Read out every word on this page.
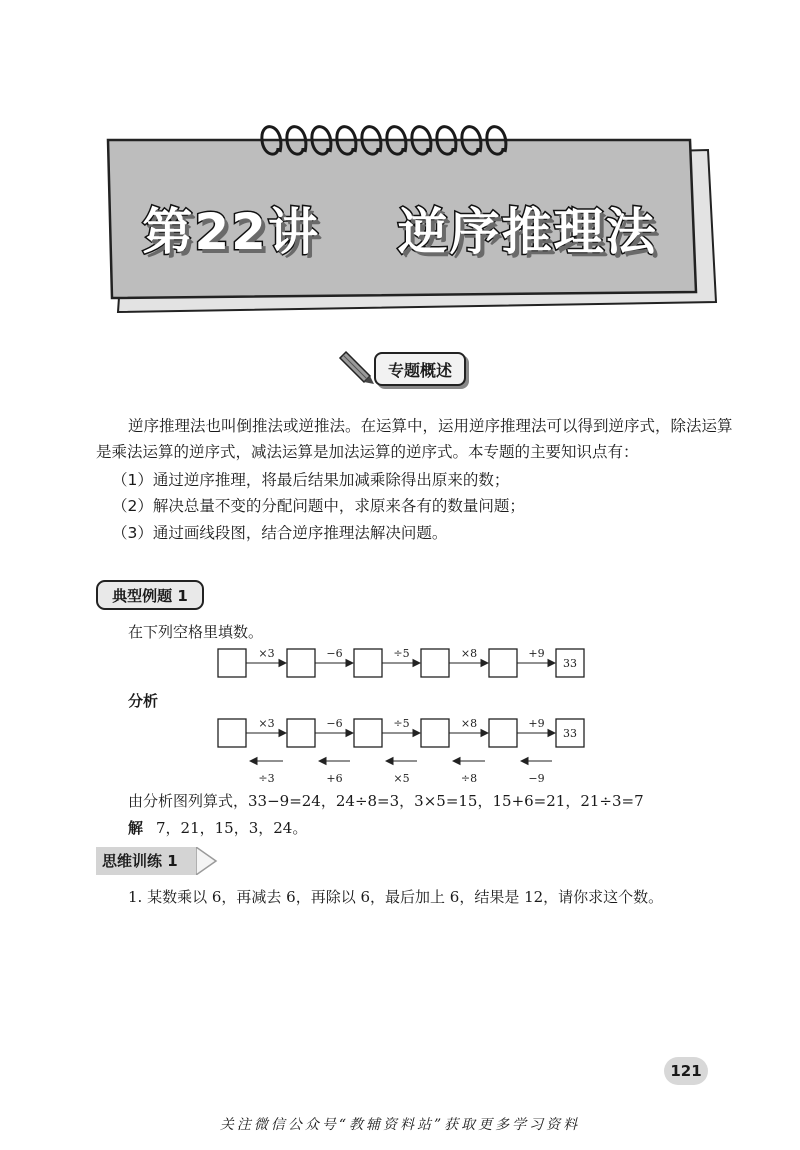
第22讲    逆序推理法
专题概述
逆序推理法也叫倒推法或逆推法。在运算中，运用逆序推理法可以得到逆序式，除法运算
是乘法运算的逆序式，减法运算是加法运算的逆序式。本专题的主要知识点有：
（1）通过逆序推理，将最后结果加减乘除得出原来的数；
（2）解决总量不变的分配问题中，求原来各有的数量问题；
（3）通过画线段图，结合逆序推理法解决问题。
典型例题 1
在下列空格里填数。
33
×3	−6	÷5	×8	+9
分析
33
×3	−6	÷5	×8	+9
÷3	+6	×5	÷8	−9
由分析图列算式，33−9=24，24÷8=3，3×5=15，15+6=21，21÷3=7
解 7，21，15，3，24。
思维训练 1
1. 某数乘以 6，再减去 6，再除以 6，最后加上 6，结果是 12，请你求这个数。
121
关注微信公众号“教辅资料站”获取更多学习资料
